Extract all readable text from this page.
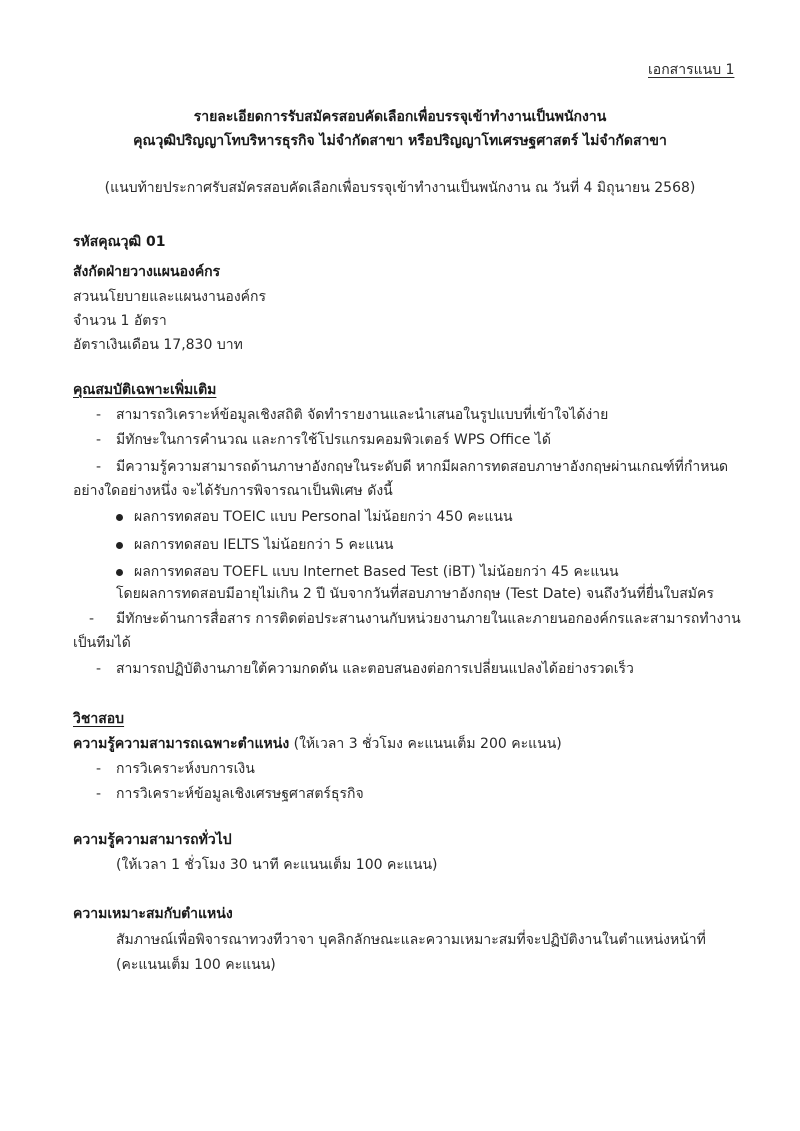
เอกสารแนบ 1
รายละเอียดการรับสมัครสอบคัดเลือกเพื่อบรรจุเข้าทำงานเป็นพนักงาน
คุณวุฒิปริญญาโทบริหารธุรกิจ ไม่จำกัดสาขา หรือปริญญาโทเศรษฐศาสตร์ ไม่จำกัดสาขา
(แนบท้ายประกาศรับสมัครสอบคัดเลือกเพื่อบรรจุเข้าทำงานเป็นพนักงาน ณ วันที่ 4 มิถุนายน 2568)
รหัสคุณวุฒิ 01
สังกัดฝ่ายวางแผนองค์กร
สวนนโยบายและแผนงานองค์กร
จำนวน 1 อัตรา
อัตราเงินเดือน 17,830 บาท
คุณสมบัติเฉพาะเพิ่มเติม
- สามารถวิเคราะห์ข้อมูลเชิงสถิติ จัดทำรายงานและนำเสนอในรูปแบบที่เข้าใจได้ง่าย
- มีทักษะในการคำนวณ และการใช้โปรแกรมคอมพิวเตอร์ WPS Office ได้
- มีความรู้ความสามารถด้านภาษาอังกฤษในระดับดี หากมีผลการทดสอบภาษาอังกฤษผ่านเกณฑ์ที่กำหนด
อย่างใดอย่างหนึ่ง จะได้รับการพิจารณาเป็นพิเศษ ดังนี้
ผลการทดสอบ TOEIC แบบ Personal ไม่น้อยกว่า 450 คะแนน
ผลการทดสอบ IELTS ไม่น้อยกว่า 5 คะแนน
ผลการทดสอบ TOEFL แบบ Internet Based Test (iBT) ไม่น้อยกว่า 45 คะแนน
โดยผลการทดสอบมีอายุไม่เกิน 2 ปี นับจากวันที่สอบภาษาอังกฤษ (Test Date) จนถึงวันที่ยื่นใบสมัคร
- มีทักษะด้านการสื่อสาร การติดต่อประสานงานกับหน่วยงานภายในและภายนอกองค์กรและสามารถทำงาน
เป็นทีมได้
- สามารถปฏิบัติงานภายใต้ความกดดัน และตอบสนองต่อการเปลี่ยนแปลงได้อย่างรวดเร็ว
วิชาสอบ
ความรู้ความสามารถเฉพาะตำแหน่ง (ให้เวลา 3 ชั่วโมง คะแนนเต็ม 200 คะแนน)
- การวิเคราะห์งบการเงิน
- การวิเคราะห์ข้อมูลเชิงเศรษฐศาสตร์ธุรกิจ
ความรู้ความสามารถทั่วไป
(ให้เวลา 1 ชั่วโมง 30 นาที คะแนนเต็ม 100 คะแนน)
ความเหมาะสมกับตำแหน่ง
สัมภาษณ์เพื่อพิจารณาทวงทีวาจา บุคลิกลักษณะและความเหมาะสมที่จะปฏิบัติงานในตำแหน่งหน้าที่
(คะแนนเต็ม 100 คะแนน)
